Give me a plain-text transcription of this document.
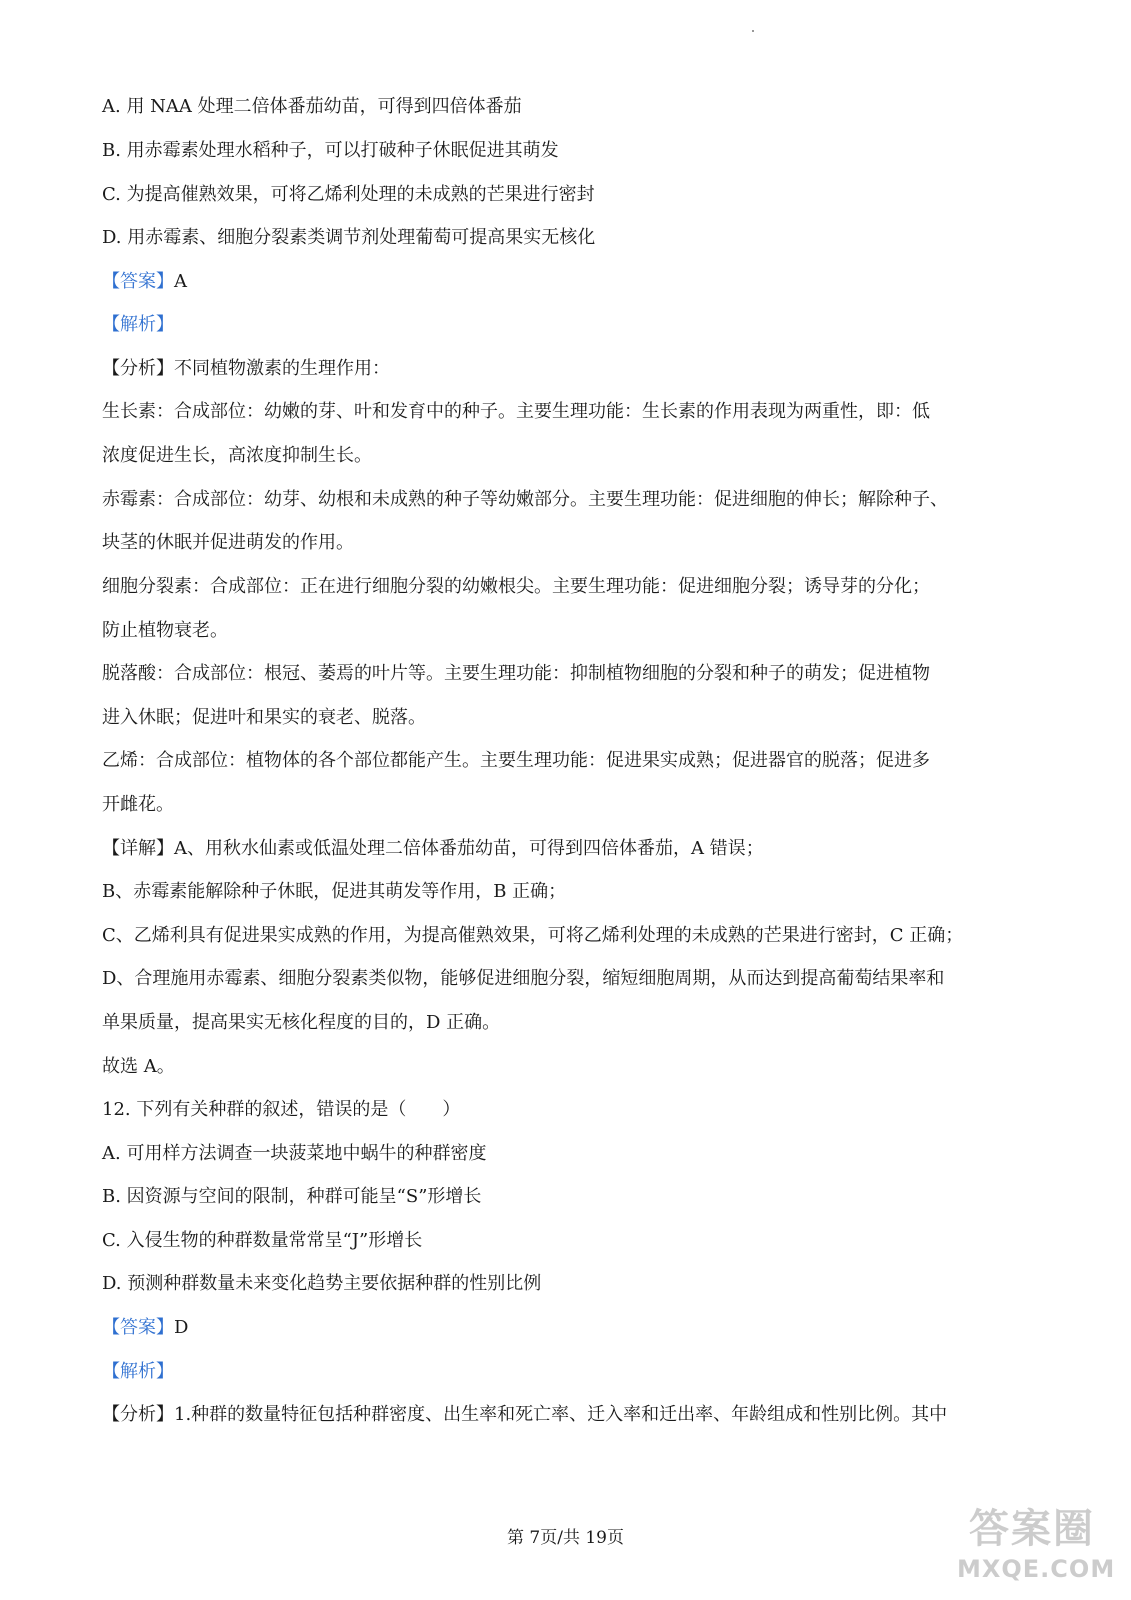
A. 用 NAA 处理二倍体番茄幼苗，可得到四倍体番茄
B. 用赤霉素处理水稻种子，可以打破种子休眠促进其萌发
C. 为提高催熟效果，可将乙烯利处理的未成熟的芒果进行密封
D. 用赤霉素、细胞分裂素类调节剂处理葡萄可提高果实无核化
【答案】A
【解析】
【分析】不同植物激素的生理作用：
生长素：合成部位：幼嫩的芽、叶和发育中的种子。主要生理功能：生长素的作用表现为两重性，即：低
浓度促进生长，高浓度抑制生长。
赤霉素：合成部位：幼芽、幼根和未成熟的种子等幼嫩部分。主要生理功能：促进细胞的伸长；解除种子、
块茎的休眠并促进萌发的作用。
细胞分裂素：合成部位：正在进行细胞分裂的幼嫩根尖。主要生理功能：促进细胞分裂；诱导芽的分化；
防止植物衰老。
脱落酸：合成部位：根冠、萎焉的叶片等。主要生理功能：抑制植物细胞的分裂和种子的萌发；促进植物
进入休眠；促进叶和果实的衰老、脱落。
乙烯：合成部位：植物体的各个部位都能产生。主要生理功能：促进果实成熟；促进器官的脱落；促进多
开雌花。
【详解】A、用秋水仙素或低温处理二倍体番茄幼苗，可得到四倍体番茄，A 错误；
B、赤霉素能解除种子休眠，促进其萌发等作用，B 正确；
C、乙烯利具有促进果实成熟的作用，为提高催熟效果，可将乙烯利处理的未成熟的芒果进行密封，C 正确；
D、合理施用赤霉素、细胞分裂素类似物，能够促进细胞分裂，缩短细胞周期，从而达到提高葡萄结果率和
单果质量，提高果实无核化程度的目的，D 正确。
故选 A。
12. 下列有关种群的叙述，错误的是（　　）
A. 可用样方法调查一块菠菜地中蜗牛的种群密度
B. 因资源与空间的限制，种群可能呈“S”形增长
C. 入侵生物的种群数量常常呈“J”形增长
D. 预测种群数量未来变化趋势主要依据种群的性别比例
【答案】D
【解析】
【分析】1.种群的数量特征包括种群密度、出生率和死亡率、迁入率和迁出率、年龄组成和性别比例。其中
第 7页/共 19页	答案圈
MXQE.COM
